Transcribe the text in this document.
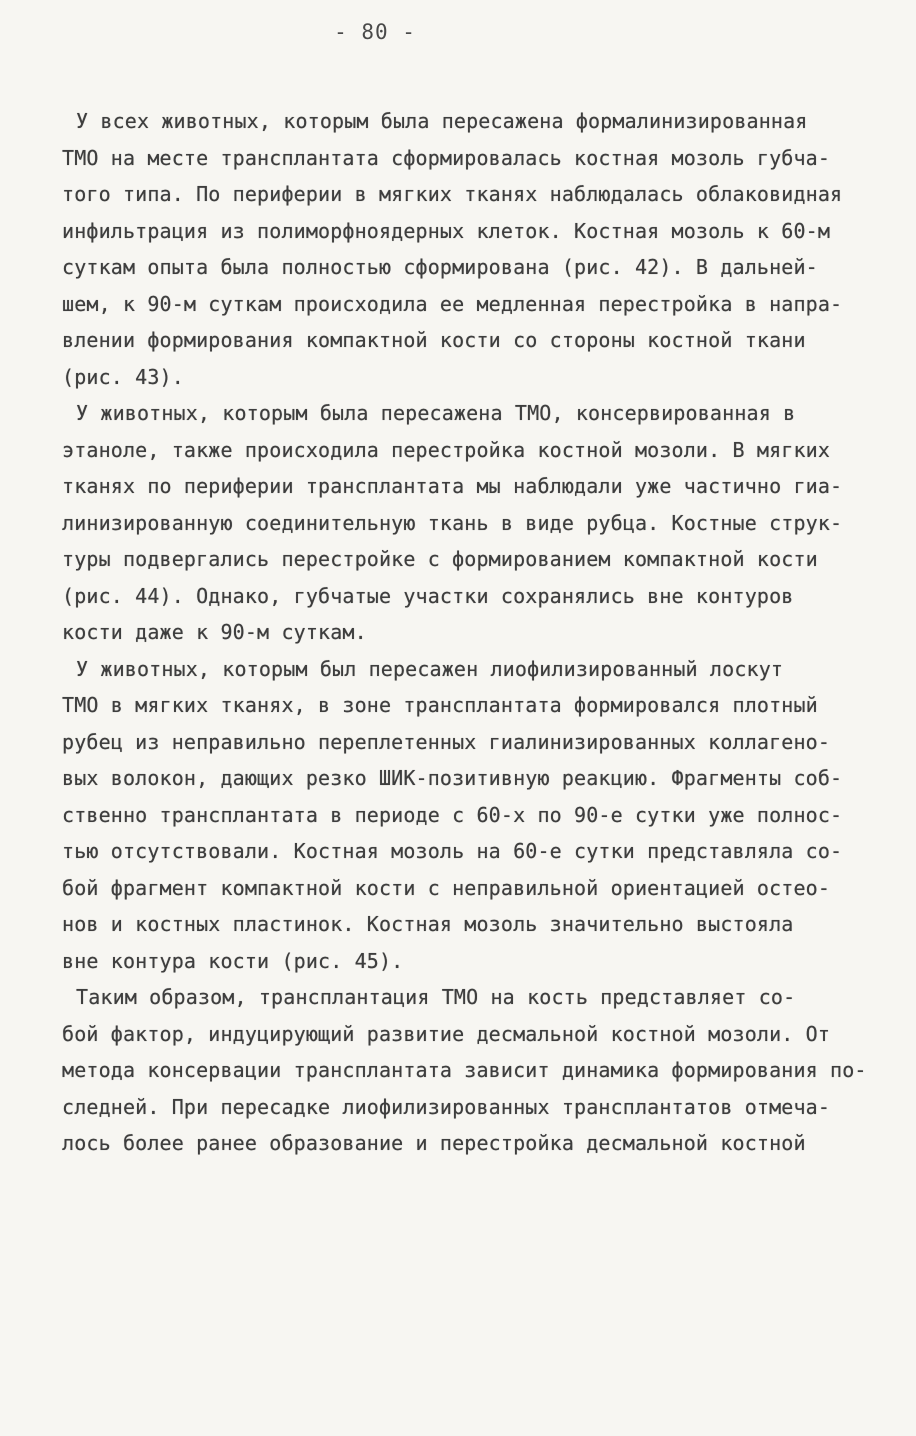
- 80 -
У всех животных, которым была пересажена формалинизированная
ТМО на месте трансплантата сформировалась костная мозоль губча-
того типа. По периферии в мягких тканях наблюдалась облаковидная
инфильтрация из полиморфноядерных клеток. Костная мозоль к 60-м
суткам опыта была полностью сформирована (рис. 42). В дальней-
шем, к 90-м суткам происходила ее медленная перестройка в напра-
влении формирования компактной кости со стороны костной ткани
(рис. 43).
У животных, которым была пересажена ТМО, консервированная в
этаноле, также происходила перестройка костной мозоли. В мягких
тканях по периферии трансплантата мы наблюдали уже частично гиа-
линизированную соединительную ткань в виде рубца. Костные струк-
туры подвергались перестройке с формированием компактной кости
(рис. 44). Однако, губчатые участки сохранялись вне контуров
кости даже к 90-м суткам.
У животных, которым был пересажен лиофилизированный лоскут
ТМО в мягких тканях, в зоне трансплантата формировался плотный
рубец из неправильно переплетенных гиалинизированных коллагено-
вых волокон, дающих резко ШИК-позитивную реакцию. Фрагменты соб-
ственно трансплантата в периоде с 60-х по 90-е сутки уже полнос-
тью отсутствовали. Костная мозоль на 60-е сутки представляла со-
бой фрагмент компактной кости с неправильной ориентацией остео-
нов и костных пластинок. Костная мозоль значительно выстояла
вне контура кости (рис. 45).
Таким образом, трансплантация ТМО на кость представляет со-
бой фактор, индуцирующий развитие десмальной костной мозоли. От
метода консервации трансплантата зависит динамика формирования по-
следней. При пересадке лиофилизированных трансплантатов отмеча-
лось более ранее образование и перестройка десмальной костной
